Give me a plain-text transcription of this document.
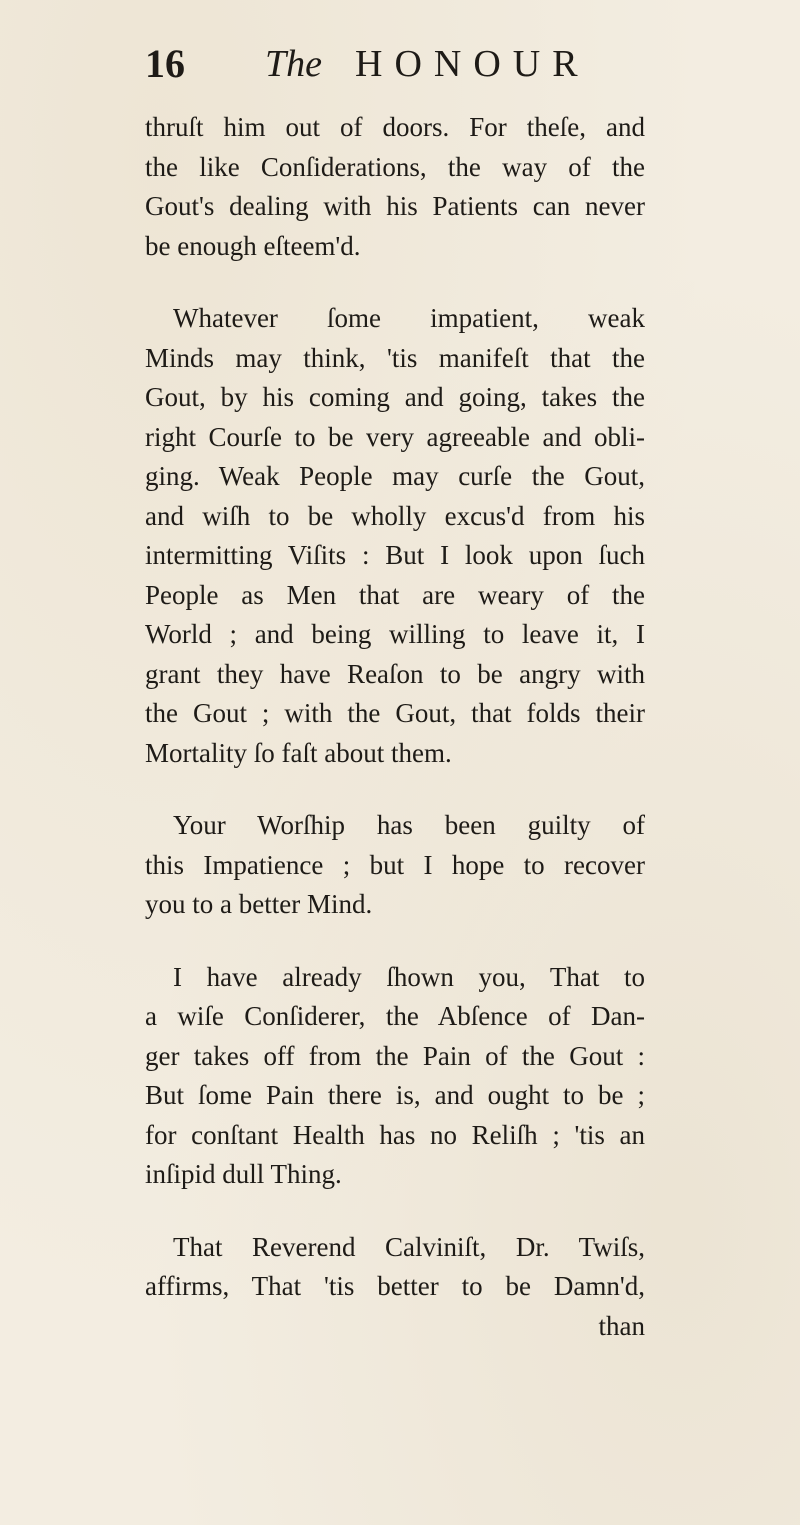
16 The HONOUR
thruſt him out of doors. For theſe, and
the like Conſiderations, the way of the
Gout's dealing with his Patients can never
be enough eſteem'd.
Whatever ſome impatient, weak
Minds may think, 'tis manifeſt that the
Gout, by his coming and going, takes the
right Courſe to be very agreeable and obli-
ging. Weak People may curſe the Gout,
and wiſh to be wholly excus'd from his
intermitting Viſits : But I look upon ſuch
People as Men that are weary of the
World ; and being willing to leave it, I
grant they have Reaſon to be angry with
the Gout ; with the Gout, that folds their
Mortality ſo faſt about them.
Your Worſhip has been guilty of
this Impatience ; but I hope to recover
you to a better Mind.
I have already ſhown you, That to
a wiſe Conſiderer, the Abſence of Dan-
ger takes off from the Pain of the Gout :
But ſome Pain there is, and ought to be ;
for conſtant Health has no Reliſh ; 'tis an
inſipid dull Thing.
That Reverend Calviniſt, Dr. Twiſs,
affirms, That 'tis better to be Damn'd,
than
